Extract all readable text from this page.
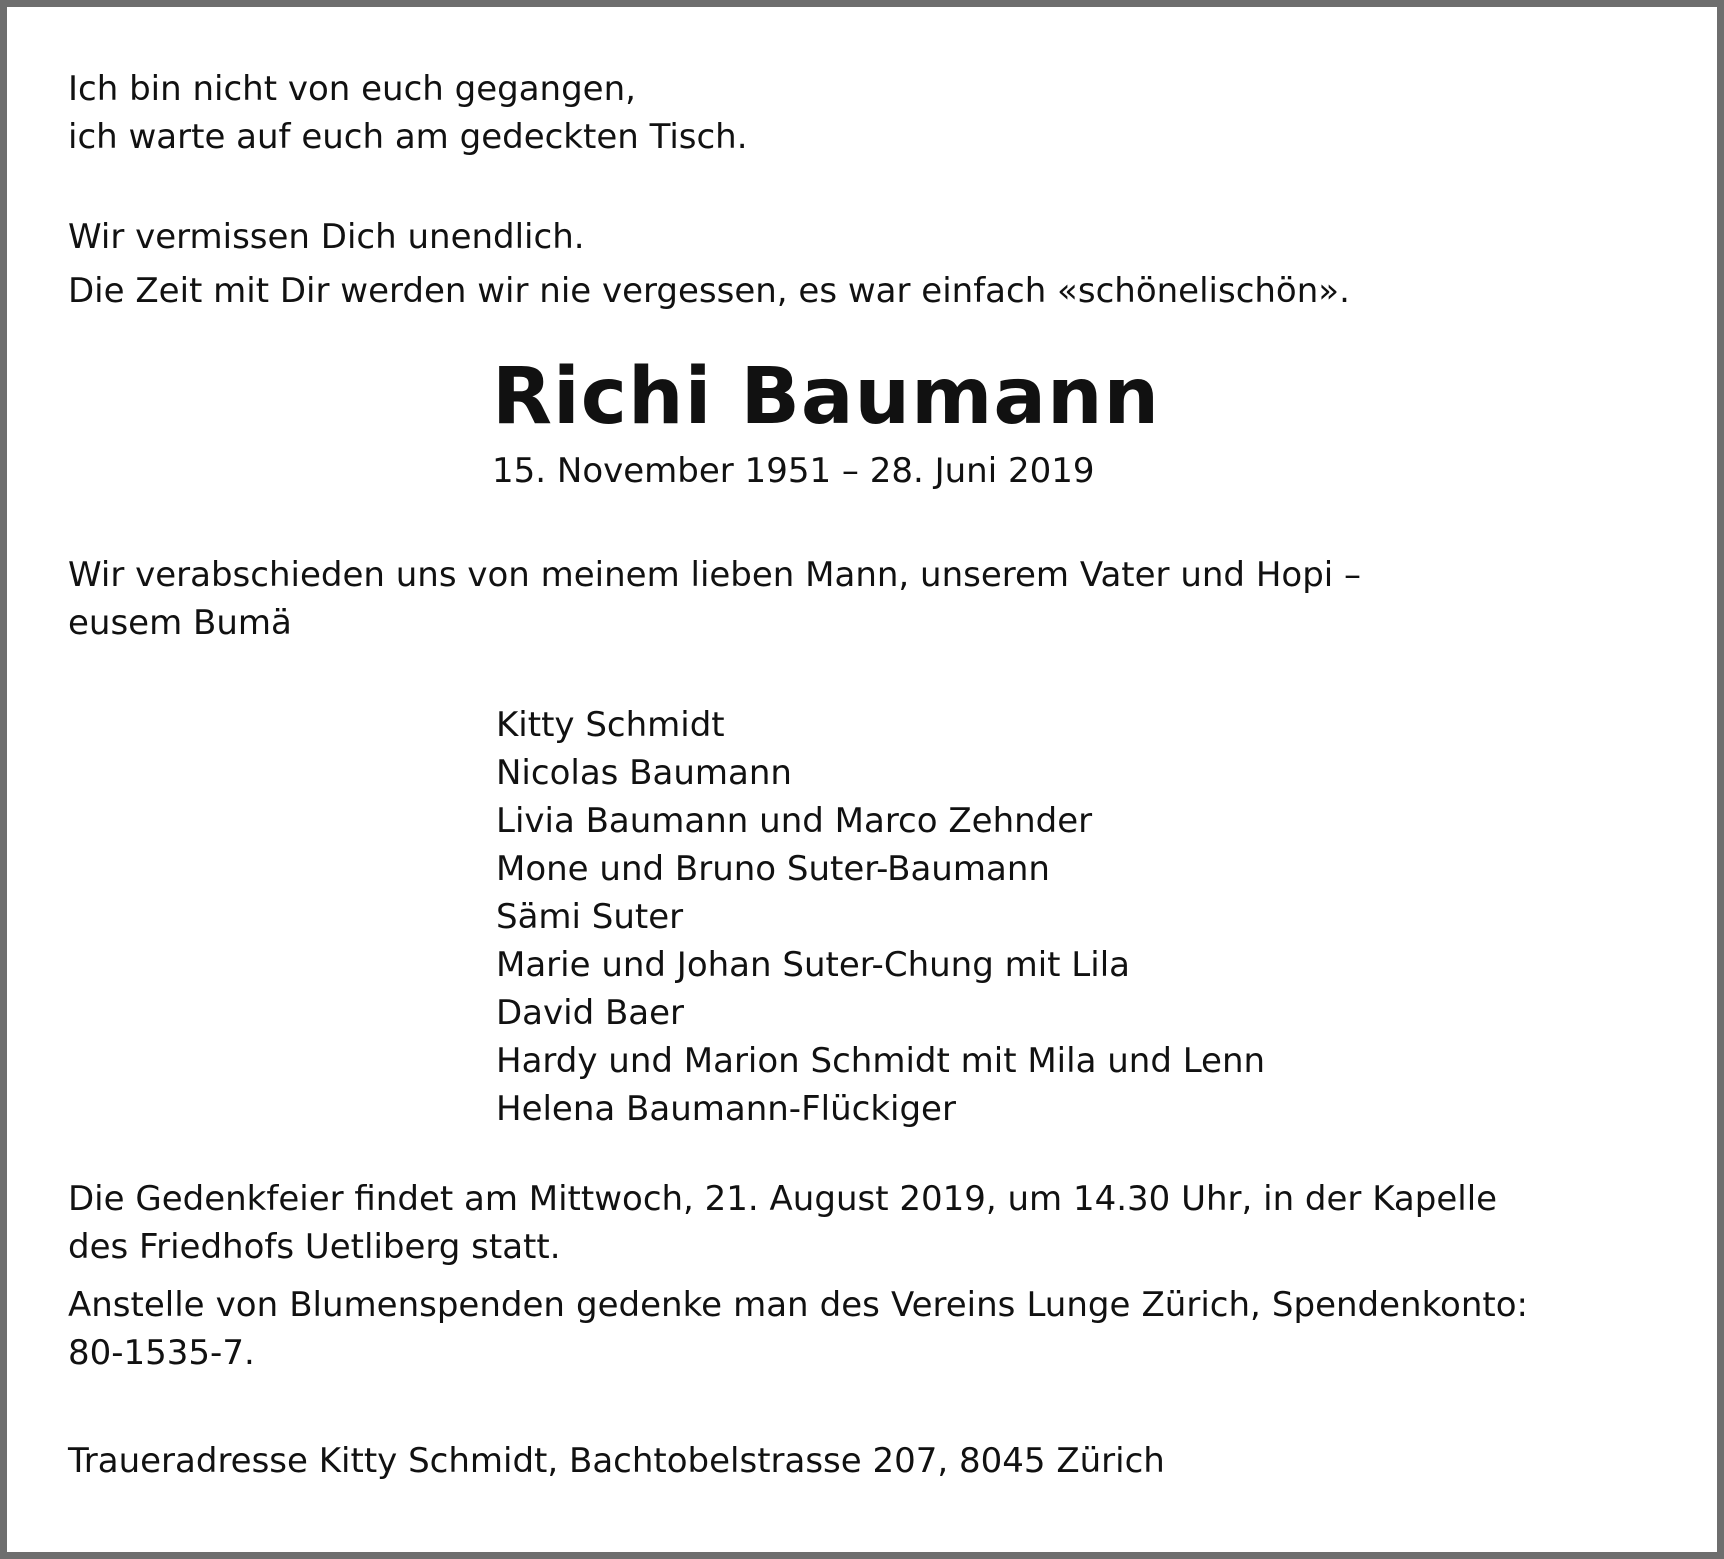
Ich bin nicht von euch gegangen,

ich warte auf euch am gedeckten Tisch.

Wir vermissen Dich unendlich.

Die Zeit mit Dir werden wir nie vergessen, es war einfach «schönelischön».

Richi Baumann

15. November 1951 – 28. Juni 2019

Wir verabschieden uns von meinem lieben Mann, unserem Vater und Hopi –

eusem Bumä

Kitty Schmidt
Nicolas Baumann
Livia Baumann und Marco Zehnder
Mone und Bruno Suter-Baumann
Sämi Suter
Marie und Johan Suter-Chung mit Lila
David Baer
Hardy und Marion Schmidt mit Mila und Lenn
Helena Baumann-Flückiger

Die Gedenkfeier findet am Mittwoch, 21. August 2019, um 14.30 Uhr, in der Kapelle des Friedhofs Uetliberg statt.

Anstelle von Blumenspenden gedenke man des Vereins Lunge Zürich, Spendenkonto: 80-1535-7.

Traueradresse Kitty Schmidt, Bachtobelstrasse 207, 8045 Zürich
